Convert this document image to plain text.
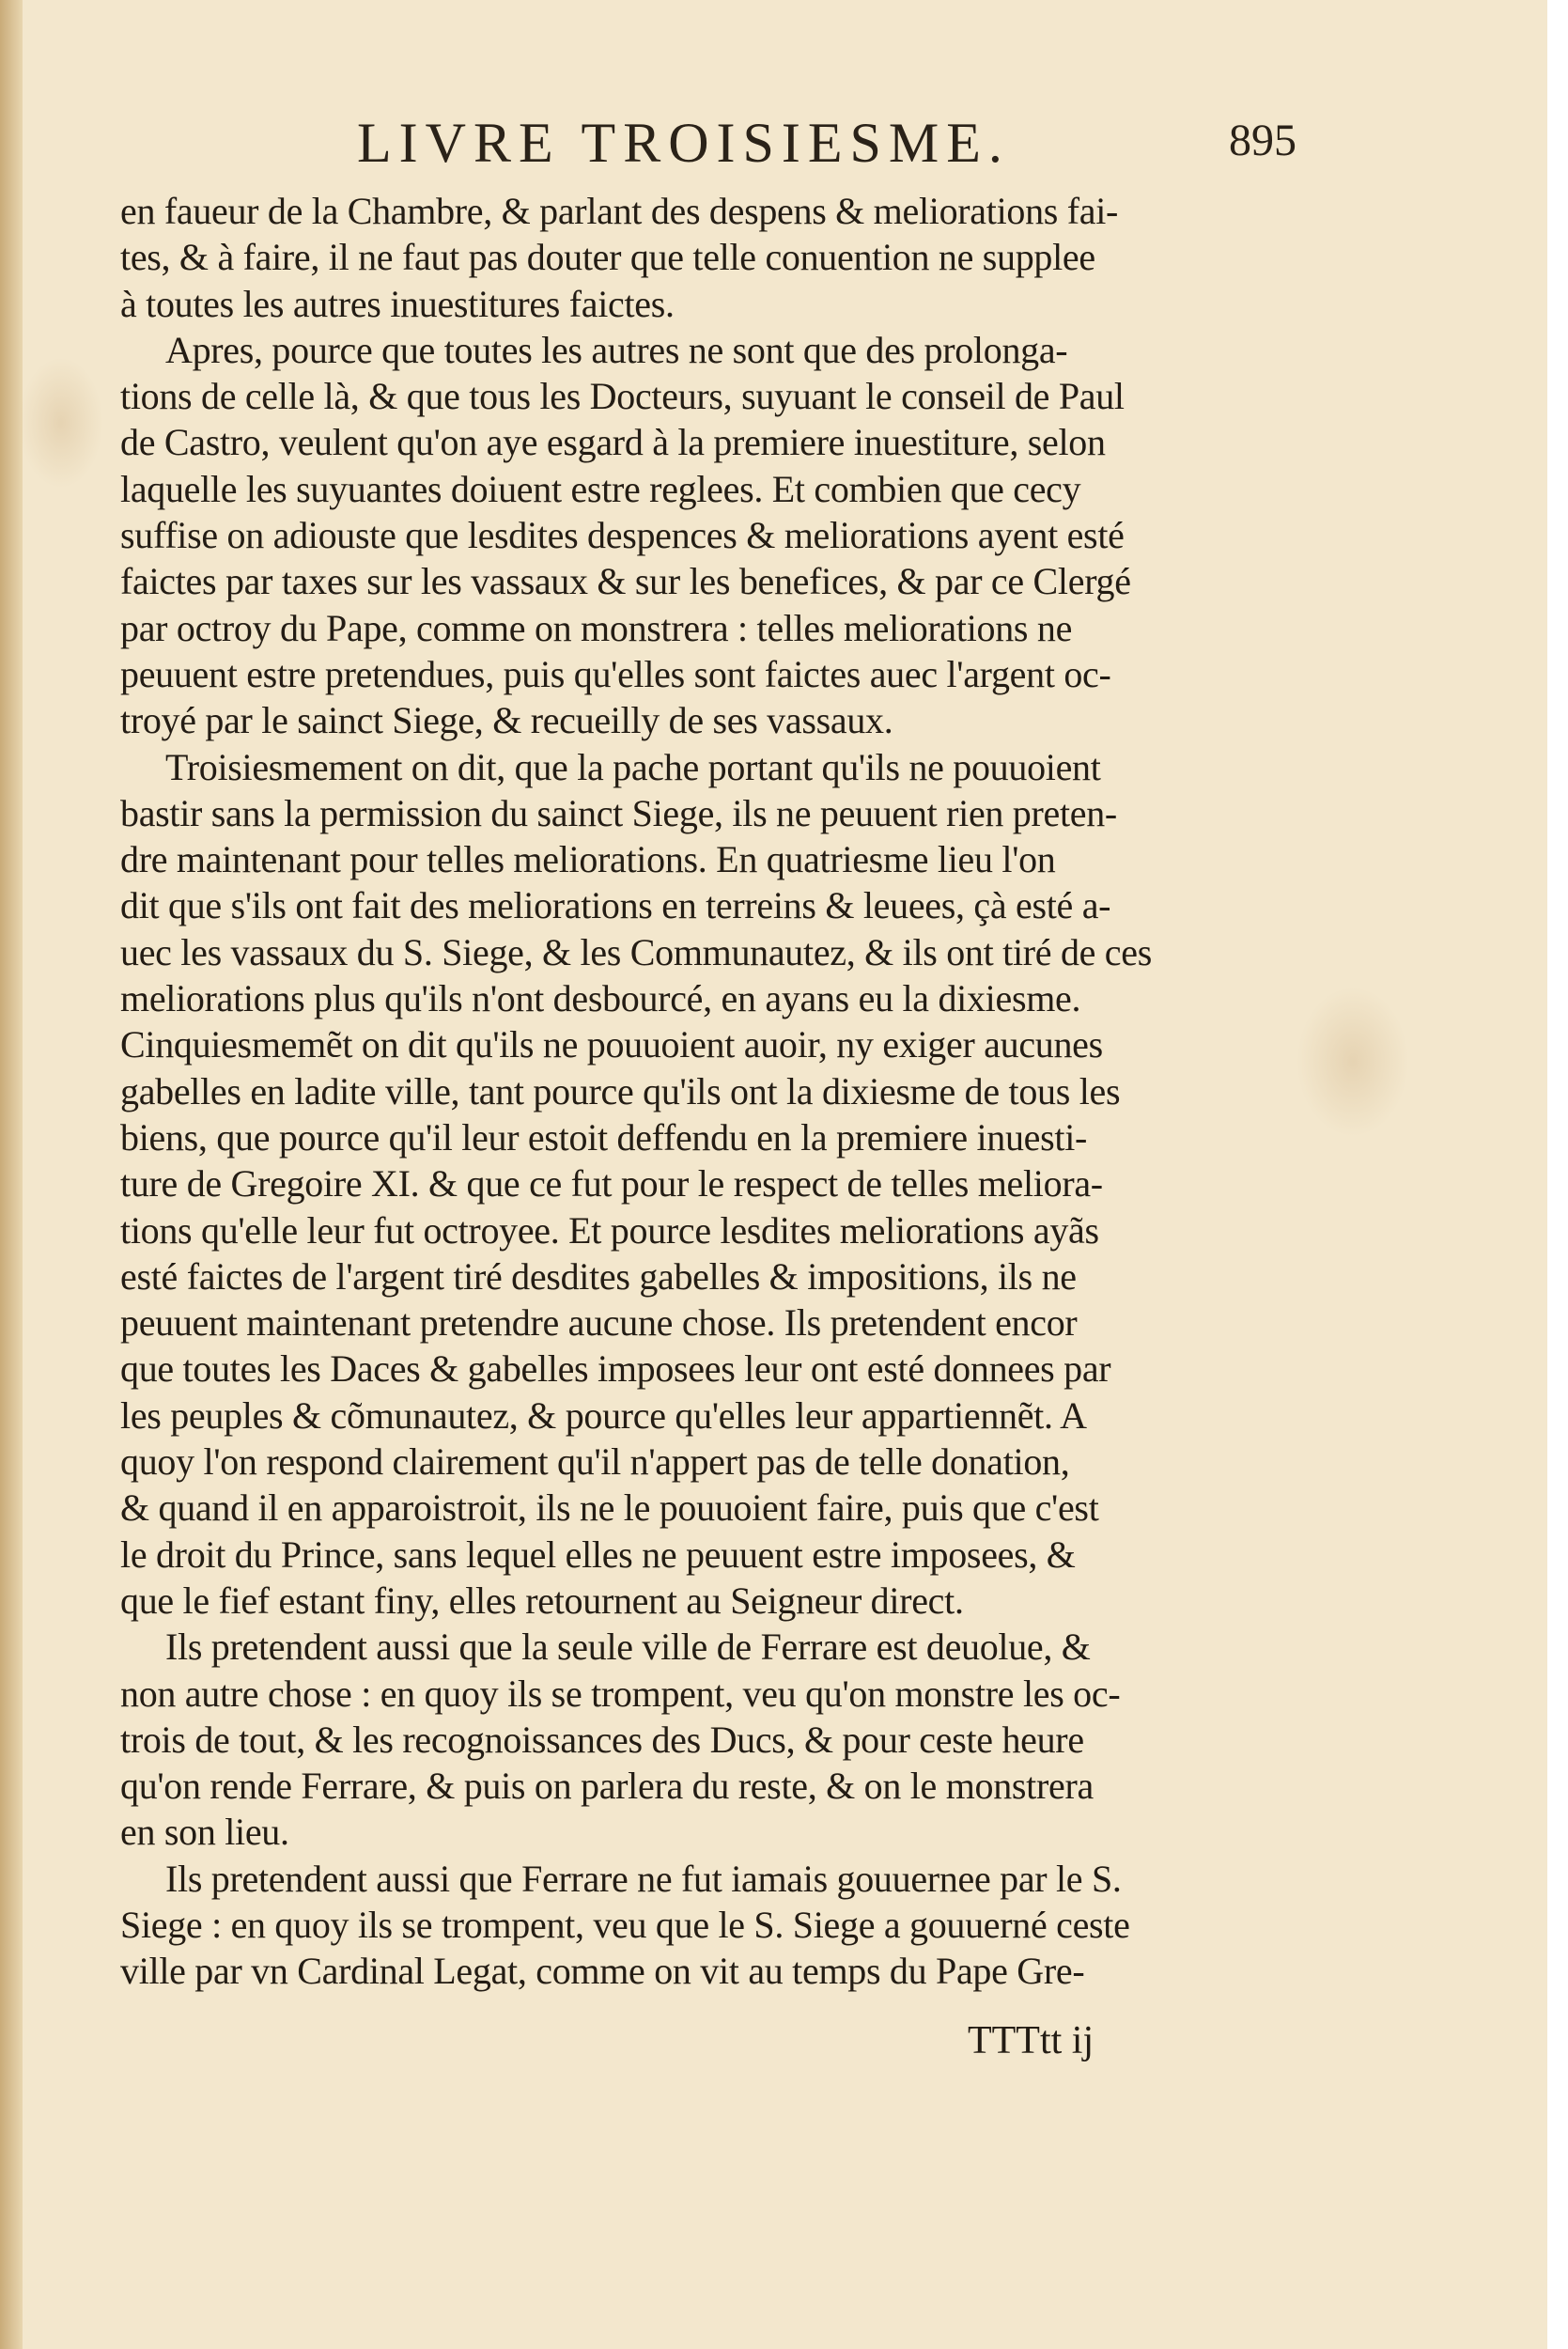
LIVRE TROISIESME.	895
en faueur de la Chambre, & parlant des despens & meliorations fai-
tes, & à faire, il ne faut pas douter que telle conuention ne supplee
à toutes les autres inuestitures faictes.
Apres, pource que toutes les autres ne sont que des prolonga-
tions de celle là, & que tous les Docteurs, suyuant le conseil de Paul
de Castro, veulent qu'on aye esgard à la premiere inuestiture, selon
laquelle les suyuantes doiuent estre reglees. Et combien que cecy
suffise on adiouste que lesdites despences & meliorations ayent esté
faictes par taxes sur les vassaux & sur les benefices, & par ce Clergé
par octroy du Pape, comme on monstrera : telles meliorations ne
peuuent estre pretendues, puis qu'elles sont faictes auec l'argent oc-
troyé par le sainct Siege, & recueilly de ses vassaux.
Troisiesmement on dit, que la pache portant qu'ils ne pouuoient
bastir sans la permission du sainct Siege, ils ne peuuent rien preten-
dre maintenant pour telles meliorations. En quatriesme lieu l'on
dit que s'ils ont fait des meliorations en terreins & leuees, çà esté a-
uec les vassaux du S. Siege, & les Communautez, & ils ont tiré de ces
meliorations plus qu'ils n'ont desbourcé, en ayans eu la dixiesme.
Cinquiesmemẽt on dit qu'ils ne pouuoient auoir, ny exiger aucunes
gabelles en ladite ville, tant pource qu'ils ont la dixiesme de tous les
biens, que pource qu'il leur estoit deffendu en la premiere inuesti-
ture de Gregoire XI. & que ce fut pour le respect de telles meliora-
tions qu'elle leur fut octroyee. Et pource lesdites meliorations ayãs
esté faictes de l'argent tiré desdites gabelles & impositions, ils ne
peuuent maintenant pretendre aucune chose. Ils pretendent encor
que toutes les Daces & gabelles imposees leur ont esté donnees par
les peuples & cõmunautez, & pource qu'elles leur appartiennẽt. A
quoy l'on respond clairement qu'il n'appert pas de telle donation,
& quand il en apparoistroit, ils ne le pouuoient faire, puis que c'est
le droit du Prince, sans lequel elles ne peuuent estre imposees, &
que le fief estant finy, elles retournent au Seigneur direct.
Ils pretendent aussi que la seule ville de Ferrare est deuolue, &
non autre chose : en quoy ils se trompent, veu qu'on monstre les oc-
trois de tout, & les recognoissances des Ducs, & pour ceste heure
qu'on rende Ferrare, & puis on parlera du reste, & on le monstrera
en son lieu.
Ils pretendent aussi que Ferrare ne fut iamais gouuernee par le S.
Siege : en quoy ils se trompent, veu que le S. Siege a gouuerné ceste
ville par vn Cardinal Legat, comme on vit au temps du Pape Gre-
TTTtt ij
